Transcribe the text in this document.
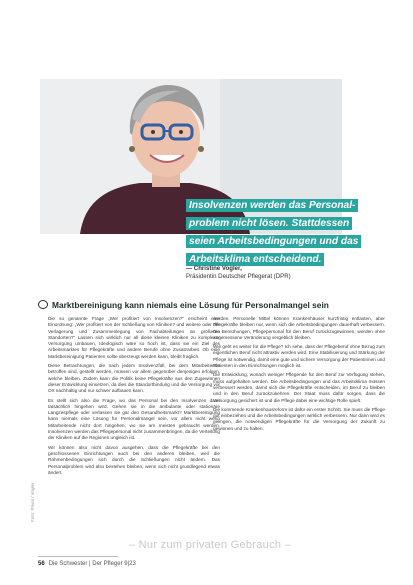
Insolvenzen werden das Personal-
problem nicht lösen. Stattdessen
seien Arbeitsbedingungen und das
Arbeitsklima entscheidend.
— Christine Vogler,
Präsidentin Deutscher Pflegerat (DPR)
Marktbereinigung kann niemals eine Lösung für Personalmangel sein

Die so genannte Frage „Wer profitiert von Insolvenzen?“ erscheint eine Einordnung: „Wer profitiert von der Schließung von Kliniken? und weitere oder der Verlagerung und Zusammenlegung von Fachabteilungen an größeren Standorten?“ Lassen sich wirklich nur all diese kleinen Kliniken zu komplexer Versorgung umbauen, Ideologisch wäre so hoch ist, dass sie ein Ziel des Arbeitsmarktes für Pflegekräfte und andere Berufe ohne Zusatzarbeit. Ob eine Marktbereinigung Patienten sollte überzeugt werden kann, bleibt fraglich.

Diese Betrachtungen, die nach jedem Insolvenzfall, bei dem Mitarbeitende betroffen sind, gestellt werden, müssen vor allem gegenüber denjenigen erfolgen, welche bleiben. Zudem kann die Politik keine Pflegekräfte aus den Zugewinnen dieser Entwicklung einsetzen, da dies die Standortbindung und die Versorgung vor Ort nachhaltig und nur schwer aufbauen kann.

Es stellt sich also die Frage, wo das Personal bei den Insolvenzen dann tatsächlich hingehen wird. Gehen sie in die ambulante oder stationäre Langzeitpflege oder verlassen sie gar den Gesundheitsmarkt? Marktbereinigung kann niemals eine Lösung für Personalmangel sein, vor allem nicht wenn Mitarbeitende nicht dort hingehen, wo sie am meisten gebraucht werden. Insolvenzen werden das Pflegepersonal nicht zusammenbringen, da die Verteilung der Kliniken auf die Regionen ungleich ist.

Wir können also nicht davon ausgehen, dass die Pflegekräfte bei den geschlossenen Einrichtungen auch bei den anderen bleiben, weil die Rahmenbedingungen sich durch die Schließungen nicht ändern. Das Personalproblem wird also bestehen bleiben, wenn sich nicht grundlegend etwas ändert.

werden. Personelle Mittel können Krankenhäuser kurzfristig entlasten, aber Pflegekräfte bleiben nur, wenn sich die Arbeitsbedingungen dauerhaft verbessern. Die Bemühungen, Pflegepersonal für den Beruf zurückzugewinnen, werden ohne angemessene Veränderung vergeblich bleiben.

Wie geht es weiter für die Pflege? Ich sehe, dass der Pflegeberuf ohne Bezug zum eigentlichen Beruf nicht attraktiv werden wird. Eine Stabilisierung und Stärkung der Pflege ist notwendig, damit eine gute und sichere Versorgung der Patientinnen und Patienten in den Einrichtungen möglich ist.

Die Entwicklung, wonach weniger Pflegende für den Beruf zur Verfügung stehen, muss aufgehalten werden. Die Arbeitsbedingungen und das Arbeitsklima müssen verbessert werden, damit sich die Pflegekräfte entscheiden, im Beruf zu bleiben und in den Beruf zurückzukehren. Der Staat muss dafür sorgen, dass die Versorgung gesichert ist und die Pflege dabei eine wichtige Rolle spielt.

Die kommende Krankenhausreform ist dafür ein erster Schritt. Sie muss die Pflege gut einbeziehen und die Arbeitsbedingungen wirklich verbessern. Nur dann wird es gelingen, die notwendigen Pflegekräfte für die Versorgung der Zukunft zu gewinnen und zu halten.

Foto: Privat / Vogler
– Nur zum privaten Gebrauch –
56 Die Schwester | Der Pfleger 9|23
